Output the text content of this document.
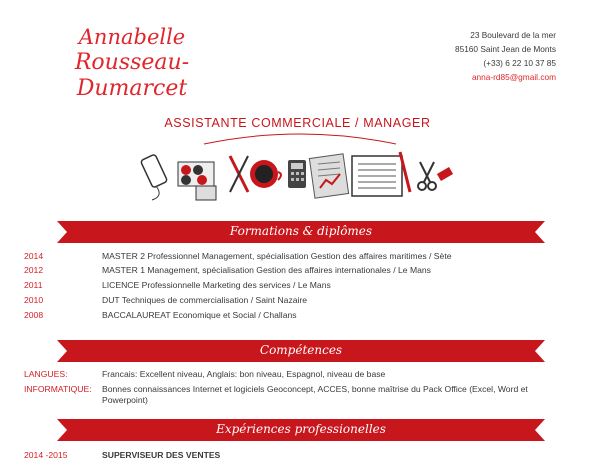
Annabelle
Rousseau-Dumarcet
23 Boulevard de la mer
85160 Saint Jean de Monts
(+33) 6 22 10 37 85
anna-rd85@gmail.com
ASSISTANTE COMMERCIALE / MANAGER
Formations & diplômes
2014	MASTER 2 Professionnel Management, spécialisation Gestion des affaires maritimes / Sète
2012	MASTER 1 Management, spécialisation Gestion des affaires internationales / Le Mans
2011	LICENCE Professionnelle Marketing des services / Le Mans
2010	DUT Techniques de commercialisation / Saint Nazaire
2008	BACCALAUREAT Economique et Social / Challans
Compétences
LANGUES:	Francais: Excellent niveau, Anglais: bon niveau, Espagnol, niveau de base
INFORMATIQUE: Bonnes connaissances Internet et logiciels Geoconcept, ACCES, bonne maîtrise du Pack Office (Excel, Word et Powerpoint)
Expériences professionelles
2014 -2015	SUPERVISEUR DES VENTES
